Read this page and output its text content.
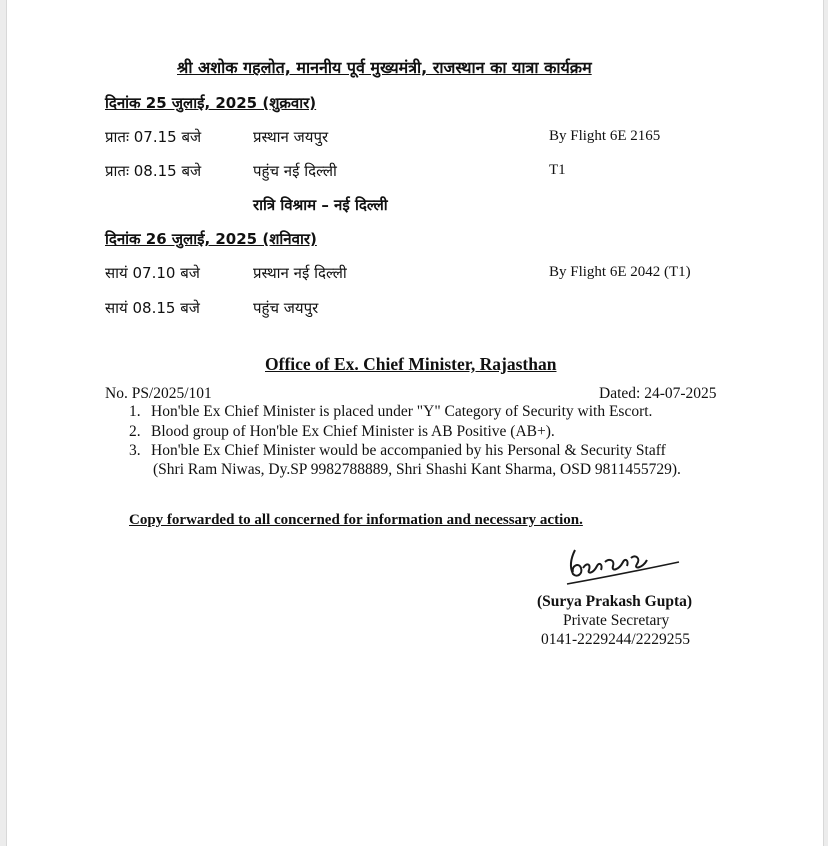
श्री अशोक गहलोत, माननीय पूर्व मुख्यमंत्री, राजस्थान का यात्रा कार्यक्रम
दिनांक 25 जुलाई, 2025 (शुक्रवार)
प्रातः 07.15 बजे	प्रस्थान जयपुर	By Flight 6E 2165
प्रातः 08.15 बजे	पहुंच नई दिल्ली	T1
रात्रि विश्राम – नई दिल्ली
दिनांक 26 जुलाई, 2025 (शनिवार)
सायं 07.10 बजे	प्रस्थान नई दिल्ली	By Flight 6E 2042 (T1)
सायं 08.15 बजे	पहुंच जयपुर
Office of Ex. Chief Minister, Rajasthan
No. PS/2025/101	Dated: 24-07-2025
1. Hon'ble Ex Chief Minister is placed under "Y" Category of Security with Escort.
2. Blood group of Hon'ble Ex Chief Minister is AB Positive (AB+).
3. Hon'ble Ex Chief Minister would be accompanied by his Personal & Security Staff
(Shri Ram Niwas, Dy.SP 9982788889, Shri Shashi Kant Sharma, OSD 9811455729).
Copy forwarded to all concerned for information and necessary action.
(Surya Prakash Gupta)
Private Secretary
0141-2229244/2229255
